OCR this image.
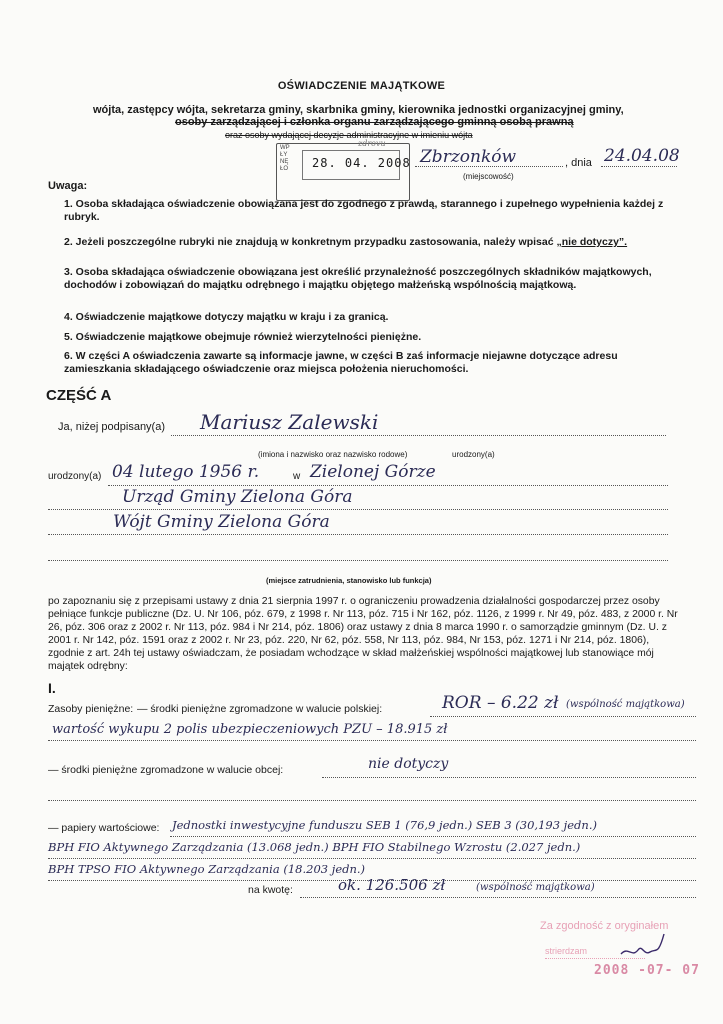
OŚWIADCZENIE MAJĄTKOWE
wójta, zastępcy wójta, sekretarza gminy, skarbnika gminy, kierownika jednostki organizacyjnej gminy,
osoby zarządzającej i członka organu zarządzającego gminną osobą prawną
oraz osoby wydającej decyzje administracyjne w imieniu wójta
WPŁYNĘŁO 28. 04. 2008
zdrovu
Zbrzonków	, dnia 24.04.08
(miejscowość)
Uwaga:
1. Osoba składająca oświadczenie obowiązana jest do zgodnego z prawdą, starannego i zupełnego wypełnienia każdej z rubryk.
2. Jeżeli poszczególne rubryki nie znajdują w konkretnym przypadku zastosowania, należy wpisać „nie dotyczy”.
3. Osoba składająca oświadczenie obowiązana jest określić przynależność poszczególnych składników majątkowych, dochodów i zobowiązań do majątku odrębnego i majątku objętego małżeńską wspólnością majątkową.
4. Oświadczenie majątkowe dotyczy majątku w kraju i za granicą.
5. Oświadczenie majątkowe obejmuje również wierzytelności pieniężne.
6. W części A oświadczenia zawarte są informacje jawne, w części B zaś informacje niejawne dotyczące adresu zamieszkania składającego oświadczenie oraz miejsca położenia nieruchomości.
CZĘŚĆ A
Ja, niżej podpisany(a) Mariusz Zalewski
(imiona i nazwisko oraz nazwisko rodowe)	urodzony(a)
urodzony(a) 04 lutego 1956 r.	w Zielonej Górze
Urząd Gminy Zielona Góra
Wójt Gminy Zielona Góra
(miejsce zatrudnienia, stanowisko lub funkcja)
po zapoznaniu się z przepisami ustawy z dnia 21 sierpnia 1997 r. o ograniczeniu prowadzenia działalności gospodarczej przez osoby pełniące funkcje publiczne (Dz. U. Nr 106, póz. 679, z 1998 r. Nr 113, póz. 715 i Nr 162, póz. 1126, z 1999 r. Nr 49, póz. 483, z 2000 r. Nr 26, póz. 306 oraz z 2002 r. Nr 113, póz. 984 i Nr 214, póz. 1806) oraz ustawy z dnia 8 marca 1990 r. o samorządzie gminnym (Dz. U. z 2001 r. Nr 142, póz. 1591 oraz z 2002 r. Nr 23, póz. 220, Nr 62, póz. 558, Nr 113, póz. 984, Nr 153, póz. 1271 i Nr 214, póz. 1806), zgodnie z art. 24h tej ustawy oświadczam, że posiadam wchodzące w skład małżeńskiej wspólności majątkowej lub stanowiące mój majątek odrębny:
I.
Zasoby pieniężne: — środki pieniężne zgromadzone w walucie polskiej:	ROR – 6.22 zł (wspólność majątkowa)
wartość wykupu 2 polis ubezpieczeniowych PZU – 18.915 zł
— środki pieniężne zgromadzone w walucie obcej:	nie dotyczy
— papiery wartościowe: Jednostki inwestycyjne funduszu SEB 1 (76,9 jedn.) SEB 3 (30,193 jedn.)
BPH FIO Aktywnego Zarządzania (13.068 jedn.) BPH FIO Stabilnego Wzrostu (2.027 jedn.)
BPH TPSO FIO Aktywnego Zarządzania (18.203 jedn.)
na kwotę:	ok. 126.506 zł	(wspólność majątkowa)
Za zgodność z oryginałem
strierdzam
2008 -07- 07
